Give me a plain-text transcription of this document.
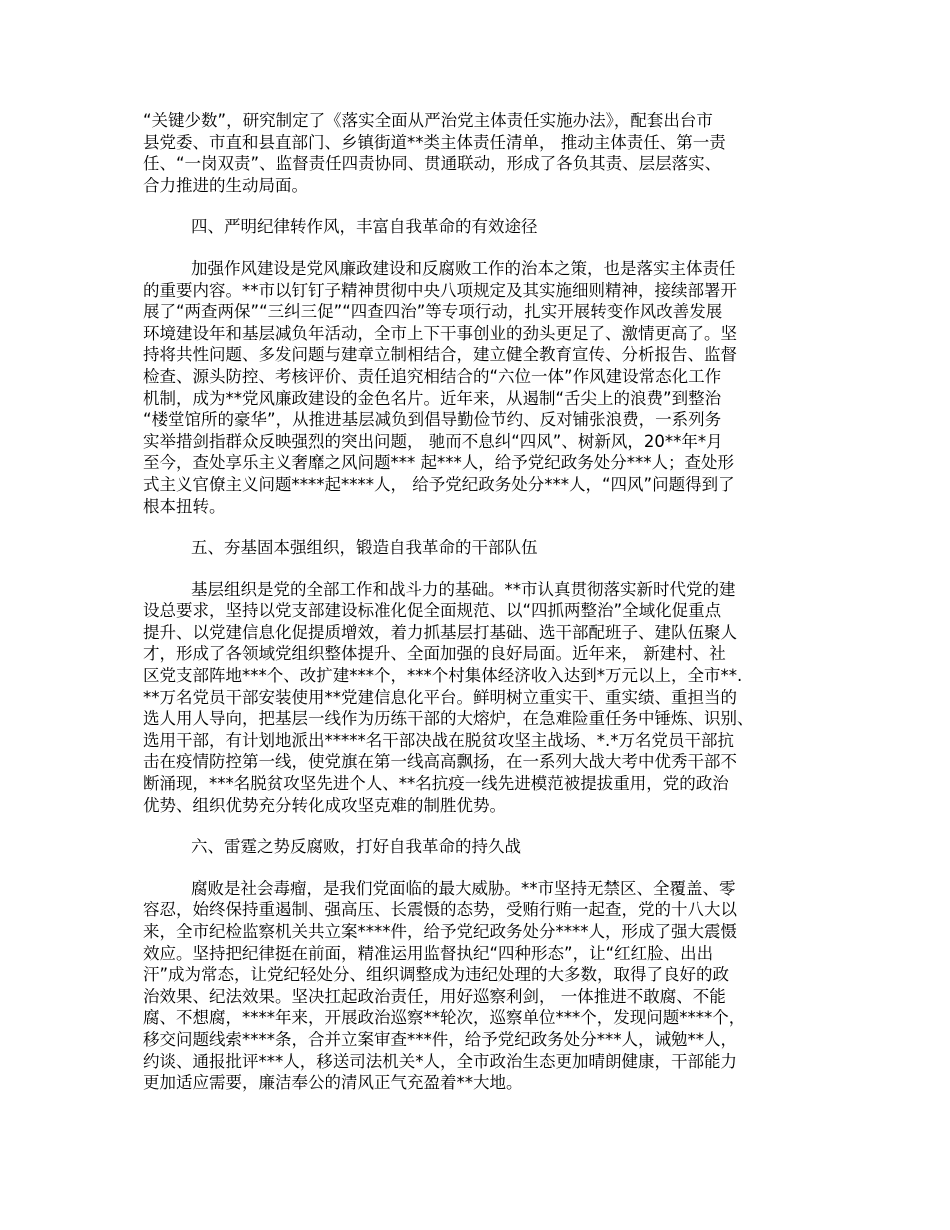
“关键少数”，研究制定了《落实全面从严治党主体责任实施办法》，配套出台市
县党委、市直和县直部门、乡镇街道**类主体责任清单， 推动主体责任、第一责
任、“一岗双责”、监督责任四责协同、贯通联动，形成了各负其责、层层落实、
合力推进的生动局面。

四、严明纪律转作风，丰富自我革命的有效途径

加强作风建设是党风廉政建设和反腐败工作的治本之策，也是落实主体责任
的重要内容。**市以钉钉子精神贯彻中央八项规定及其实施细则精神，接续部署开
展了“两查两保”“三纠三促”“四查四治”等专项行动，扎实开展转变作风改善发展
环境建设年和基层减负年活动，全市上下干事创业的劲头更足了、激情更高了。坚
持将共性问题、多发问题与建章立制相结合，建立健全教育宣传、分析报告、监督
检查、源头防控、考核评价、责任追究相结合的“六位一体”作风建设常态化工作
机制，成为**党风廉政建设的金色名片。近年来，从遏制“舌尖上的浪费”到整治
“楼堂馆所的豪华”，从推进基层减负到倡导勤俭节约、反对铺张浪费，一系列务
实举措剑指群众反映强烈的突出问题， 驰而不息纠“四风”、树新风，20**年*月
至今，查处享乐主义奢靡之风问题*** 起***人，给予党纪政务处分***人；查处形
式主义官僚主义问题****起****人， 给予党纪政务处分***人，“四风”问题得到了
根本扭转。

五、夯基固本强组织，锻造自我革命的干部队伍

基层组织是党的全部工作和战斗力的基础。**市认真贯彻落实新时代党的建
设总要求，坚持以党支部建设标准化促全面规范、以“四抓两整治”全域化促重点
提升、以党建信息化促提质增效，着力抓基层打基础、选干部配班子、建队伍聚人
才，形成了各领域党组织整体提升、全面加强的良好局面。近年来， 新建村、社
区党支部阵地***个、改扩建***个，***个村集体经济收入达到*万元以上，全市**.
**万名党员干部安装使用**党建信息化平台。鲜明树立重实干、重实绩、重担当的
选人用人导向，把基层一线作为历练干部的大熔炉，在急难险重任务中锤炼、识别、
选用干部，有计划地派出*****名干部决战在脱贫攻坚主战场、*.*万名党员干部抗
击在疫情防控第一线，使党旗在第一线高高飘扬，在一系列大战大考中优秀干部不
断涌现，***名脱贫攻坚先进个人、**名抗疫一线先进模范被提拔重用，党的政治
优势、组织优势充分转化成攻坚克难的制胜优势。

六、雷霆之势反腐败，打好自我革命的持久战

腐败是社会毒瘤，是我们党面临的最大威胁。**市坚持无禁区、全覆盖、零
容忍，始终保持重遏制、强高压、长震慑的态势，受贿行贿一起查，党的十八大以
来，全市纪检监察机关共立案****件，给予党纪政务处分****人，形成了强大震慑
效应。坚持把纪律挺在前面，精准运用监督执纪“四种形态”，让“红红脸、出出
汗”成为常态，让党纪轻处分、组织调整成为违纪处理的大多数，取得了良好的政
治效果、纪法效果。坚决扛起政治责任，用好巡察利剑， 一体推进不敢腐、不能
腐、不想腐，****年来，开展政治巡察**轮次，巡察单位***个，发现问题****个，
移交问题线索****条，合并立案审查***件，给予党纪政务处分***人，诫勉**人，
约谈、通报批评***人，移送司法机关*人，全市政治生态更加晴朗健康，干部能力
更加适应需要，廉洁奉公的清风正气充盈着**大地。
